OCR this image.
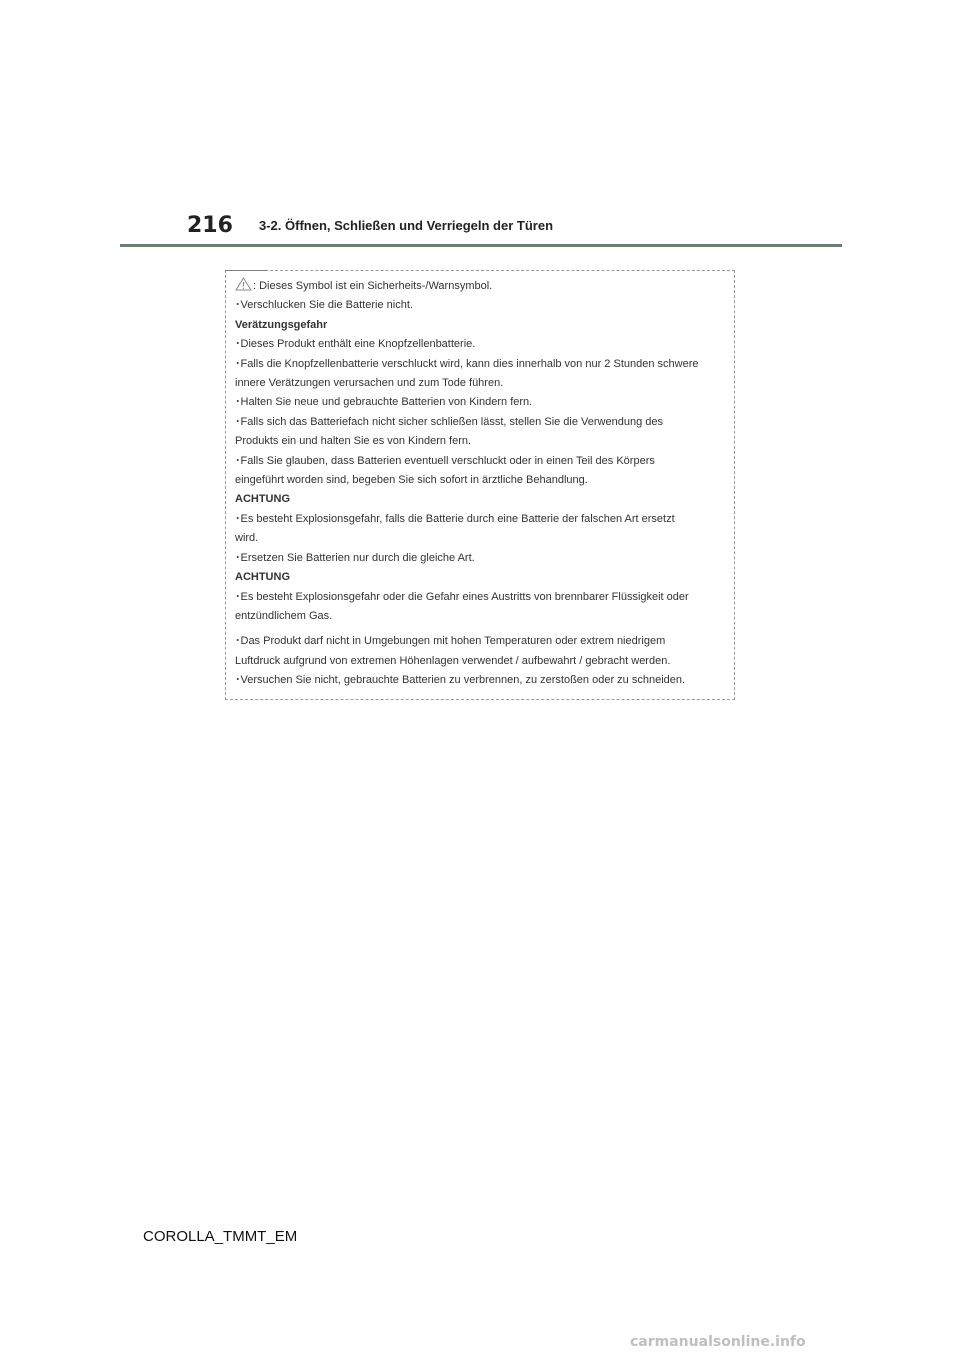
216 3-2. Öffnen, Schließen und Verriegeln der Türen
: Dieses Symbol ist ein Sicherheits-/Warnsymbol.
･Verschlucken Sie die Batterie nicht.
Verätzungsgefahr
･Dieses Produkt enthält eine Knopfzellenbatterie.
･Falls die Knopfzellenbatterie verschluckt wird, kann dies innerhalb von nur 2 Stunden schwere
innere Verätzungen verursachen und zum Tode führen.
･Halten Sie neue und gebrauchte Batterien von Kindern fern.
･Falls sich das Batteriefach nicht sicher schließen lässt, stellen Sie die Verwendung des
Produkts ein und halten Sie es von Kindern fern.
･Falls Sie glauben, dass Batterien eventuell verschluckt oder in einen Teil des Körpers
eingeführt worden sind, begeben Sie sich sofort in ärztliche Behandlung.
ACHTUNG
･Es besteht Explosionsgefahr, falls die Batterie durch eine Batterie der falschen Art ersetzt
wird.
･Ersetzen Sie Batterien nur durch die gleiche Art.
ACHTUNG
･Es besteht Explosionsgefahr oder die Gefahr eines Austritts von brennbarer Flüssigkeit oder
entzündlichem Gas.
･Das Produkt darf nicht in Umgebungen mit hohen Temperaturen oder extrem niedrigem
Luftdruck aufgrund von extremen Höhenlagen verwendet / aufbewahrt / gebracht werden.
･Versuchen Sie nicht, gebrauchte Batterien zu verbrennen, zu zerstoßen oder zu schneiden.
COROLLA_TMMT_EM
carmanualsonline.info
